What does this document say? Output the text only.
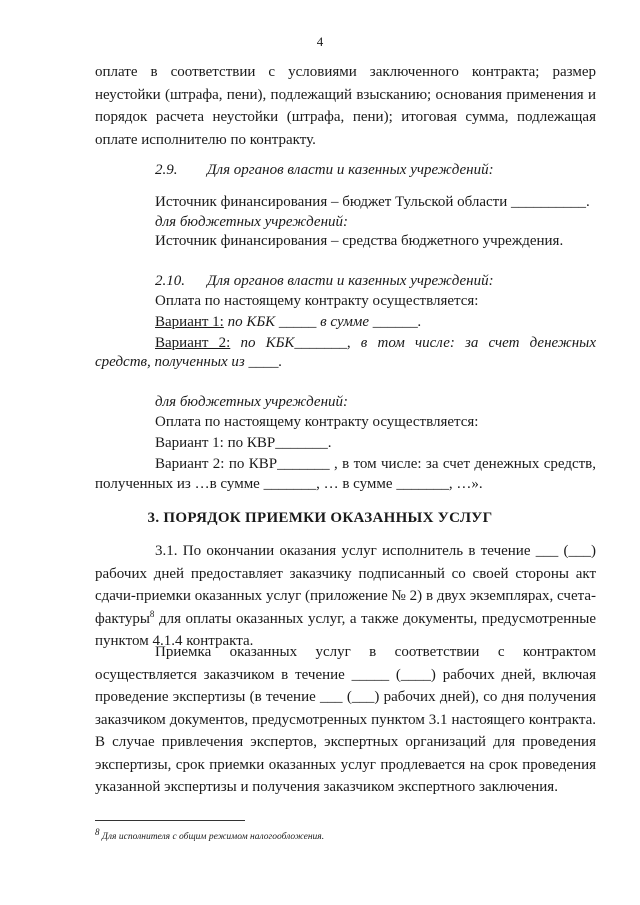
4

оплате в соответствии с условиями заключенного контракта; размер неустойки (штрафа, пени), подлежащий взысканию; основания применения и порядок расчета неустойки (штрафа, пени); итоговая сумма, подлежащая оплате исполнителю по контракту.

2.9. Для органов власти и казенных учреждений:
Источник финансирования – бюджет Тульской области __________.
для бюджетных учреждений:
Источник финансирования – средства бюджетного учреждения.
2.10. Для органов власти и казенных учреждений:
Оплата по настоящему контракту осуществляется:
Вариант 1: по КБК _____ в сумме ______.
Вариант 2: по КБК_______, в том числе: за счет денежных
средств, полученных из ____.
для бюджетных учреждений:
Оплата по настоящему контракту осуществляется:
Вариант 1: по КВР_______.
Вариант 2: по КВР_______ , в том числе: за счет денежных средств,
полученных из …в сумме _______, … в сумме _______, …».
3. ПОРЯДОК ПРИЕМКИ ОКАЗАННЫХ УСЛУГ

3.1. По окончании оказания услуг исполнитель в течение ___ (___) рабочих дней предоставляет заказчику подписанный со своей стороны акт сдачи-приемки оказанных услуг (приложение № 2) в двух экземплярах, счета-фактуры$^8$ для оплаты оказанных услуг, а также документы, предусмотренные пунктом 4.1.4 контракта.

Приемка оказанных услуг в соответствии с контрактом осуществляется заказчиком в течение _____ (____) рабочих дней, включая проведение экспертизы (в течение ___ (___) рабочих дней), со дня получения заказчиком документов, предусмотренных пунктом 3.1 настоящего контракта. В случае привлечения экспертов, экспертных организаций для проведения экспертизы, срок приемки оказанных услуг продлевается на срок проведения указанной экспертизы и получения заказчиком экспертного заключения.

$^8$ Для исполнителя с общим режимом налогообложения.
